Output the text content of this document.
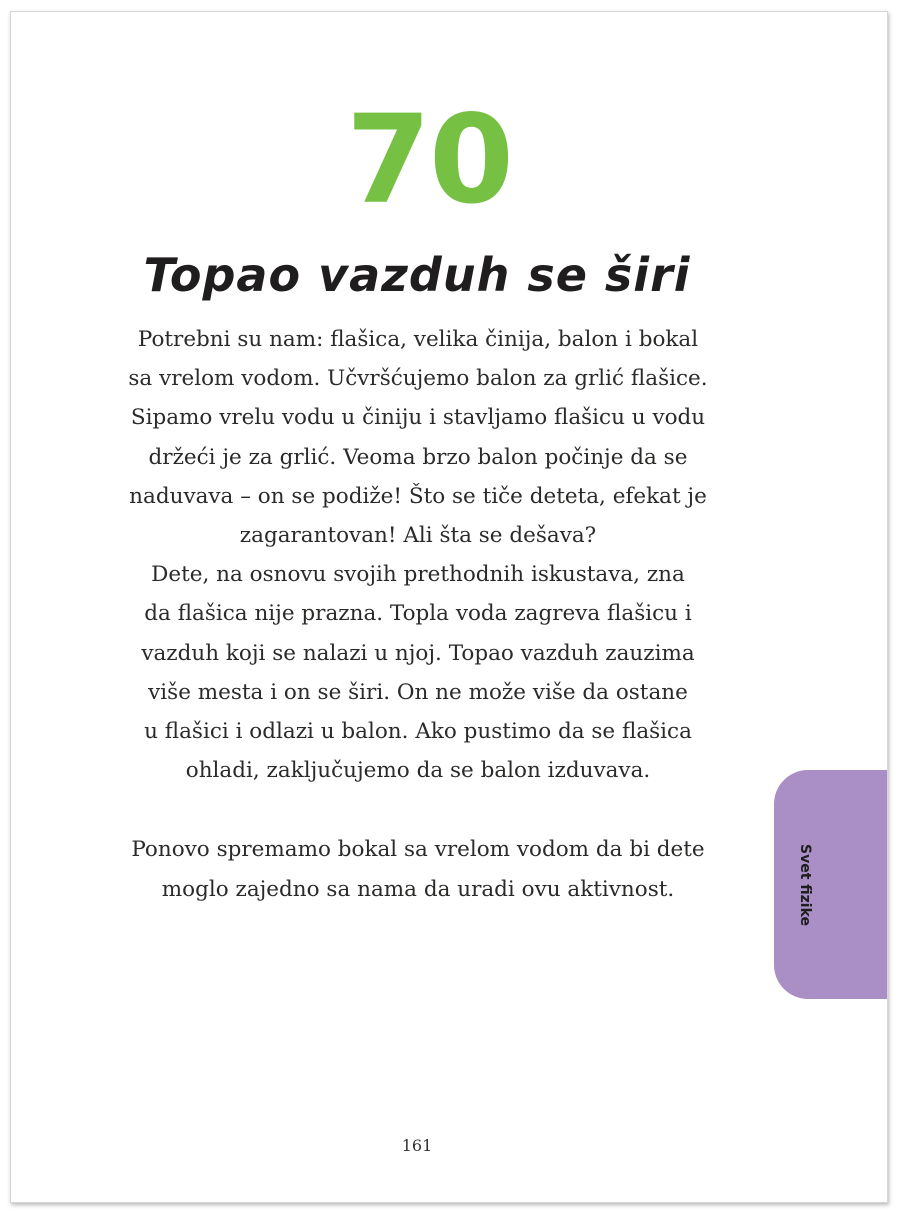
70
Topao vazduh se širi

Potrebni su nam: flašica, velika činija, balon i bokal
sa vrelom vodom. Učvršćujemo balon za grlić flašice.
Sipamo vrelu vodu u činiju i stavljamo flašicu u vodu
držeći je za grlić. Veoma brzo balon počinje da se
naduvava – on se podiže! Što se tiče deteta, efekat je
zagarantovan! Ali šta se dešava?

Dete, na osnovu svojih prethodnih iskustava, zna
da flašica nije prazna. Topla voda zagreva flašicu i
vazduh koji se nalazi u njoj. Topao vazduh zauzima
više mesta i on se širi. On ne može više da ostane
u flašici i odlazi u balon. Ako pustimo da se flašica
ohladi, zaključujemo da se balon izduvava.

Ponovo spremamo bokal sa vrelom vodom da bi dete
moglo zajedno sa nama da uradi ovu aktivnost.	Svet fizike
161
